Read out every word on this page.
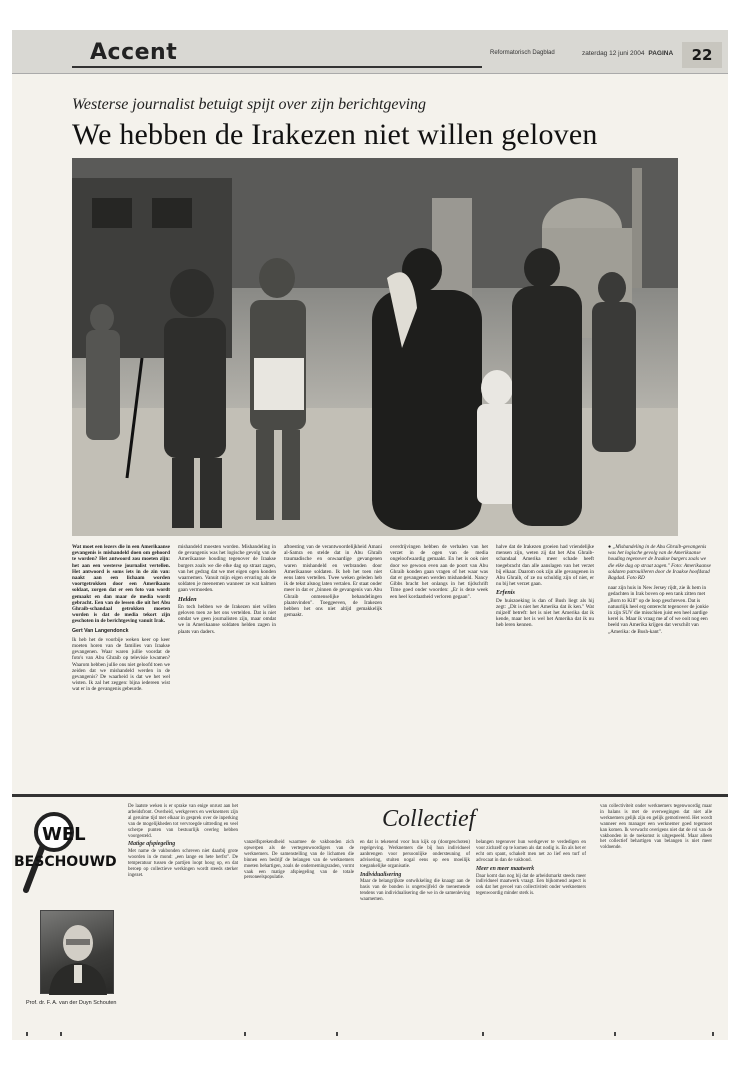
Accent	Reformatorisch Dagblad	zaterdag 12 juni 2004 PAGINA	22
Westerse journalist betuigt spijt over zijn berichtgeving
We hebben de Irakezen niet willen geloven

Wat moet een lezers die in een Amerikaanse gevangenis is mishandeld doen om gehoord te worden? Het antwoord zou moeten zijn: het aan een westerse journalist vertellen. Het antwoord is soms iets in de zin van: naakt aan een lichaam worden voortgetrokken door een Amerikaans soldaat, zorgen dat er een foto van wordt gemaakt en dan maar de media wordt gebracht. Een van de lessen die uit het Abu Ghraib-schandaal getrokken moeten worden is dat de media tekort zijn geschoten in de berichtgeving vanuit Irak.

Gert Van Langendonck

Ik heb het de voorbije weken keer op keer moeten horen van de families van Iraakse gevangenen. Waar waren jullie voordat de foto's van Abu Ghraib op televisie kwamen? Waarom hebben jullie ons niet geloofd toen we zeiden dat we mishandeld werden in de gevangenis? De waarheid is dat we het wel wisten. Ik zal het zeggen: bijna iedereen wist wat er in de gevangenis gebeurde.

mishandeld moesten worden. Mishandeling in de gevangenis was het logische gevolg van de Amerikaanse houding tegenover de Iraakse burgers zoals we die elke dag op straat zagen, van het gedrag dat we met eigen ogen konden waarnemen. Vanuit mijn eigen ervaring als de soldaten je meenemen wanneer ze wat kalmen gaan vermoeden.

Helden

En toch hebben we de Irakezen niet willen geloven toen ze het ons vertelden. Dat is niet omdat we geen journalisten zijn, maar omdat we in Amerikaanse soldaten helden zagen in plaats van daders.

aftoesting van de verantwoordelijkheid Amani al-Samra en stelde dat in Abu Ghraib traumadische en onwaardige gevangenen waren mishandeld en verbranden door Amerikaanse soldaten. Ik heb het toen niet eens laten vertellen. Twee weken geleden heb ik de tekst alsnog laten vertalen. Er staat onder meer in dat er „binnen de gevangenis van Abu Ghraib onmenselijke behandelingen plaatsvinden". Toeggeeven, de Irakezen hebben het ons niet altijd gemakkelijk gemaakt.

overdrijvingen hebben de verbalen van het verzet in de ogen van de media ongeloofwaardig gemaakt. En het is ook niet door we gewoon even aan de poort van Abu Ghraib konden gaan vragen of het waar was dat er gevangenen werden mishandeld. Nancy Gibbs bracht het onlangs in het tijdschrift Time goed onder woorden: „Er is deze week een heel kordaatheid verloren gegaan".

halve dat de Irakezen groeien had vriendelijke mensen zijn, weten zij dat het Abu Ghraib-schandaal Amerika meer schade heeft toegebracht dan alle aanslagen van het verzet bij elkaar. Daarom ook zijn alle gevangenen in Abu Ghraib, of ze nu schuldig zijn of niet, er nu bij het verzet gaan.

Erfenis

De huiszoeking is dan of Bush liegt als hij zegt: „Dit is niet het Amerika dat ik ken." Wat mijzelf betreft: het is niet het Amerika dat ik kende, maar het is wel het Amerika dat ik nu heb leren kennen.

● „Mishandeling in de Abu Ghraib-gevangenis was het logische gevolg van de Amerikaanse houding tegenover de Iraakse burgers zoals we die elke dag op straat zagen." Foto: Amerikaanse soldaten patrouilleren door de Iraakse hoofdstad Bagdad. Foto RD

naar zijn huis in New Jersey rijdt, zie ik hem in gedachten in Irak boven op een tank zitten met „Born to Kill" op de loop geschreven. Dat is natuurlijk heel erg onterecht tegenover de jonkie in zijn SUV die misschien juist een heel aardige kerel is. Maar ik vraag me af of we ooit nog een beeld van Amerika krijgen dat verschilt van „Amerika: de Bush-kant".

WEL
BESCHOUWD
Prof. dr. F. A. van der Duyn Schouten
Collectief

De laatste weken is er sprake van enige onrust aan het arbeidsfront. Overheid, werkgevers en werknemers zijn al geruime tijd met elkaar in gesprek over de inperking van de mogelijkheden tot vervroegde uittreding en veel scherpe punten van bestuurlijk overleg hebben voorgesteld.

Matige afspiegeling

Met name de vakbonden schreven niet daarbij grote woorden in de mond: „een lange en hete herfst". De temperatuur tussen de partijen loopt hoog op, en dat beroep op collectieve werkingen wordt steeds sterker ingezet.

vanzelfsprekendheid waarmee de vakbonden zich opwerpen als de vertegenwoordigers van de werknemers. De samenstelling van de lichamen die binnen een bedrijf de belangen van de werknemers moeten behartigen, zoals de ondernemingsraden, vormt vaak een matige afspiegeling van de totale personeelspopulatie.

en dat is tekenend voor hun kijk op (doorgeschoten) regelgeving. Werknemers die bij hun individueel aanbrengen voor persoonlijke ondersteuning of advisering, stuiten nogal eens op een moeilijk toegankelijke organisatie.

Individualisering

Maar de belangrijkste ontwikkeling die knaagt aan de basis van de bonden is ongetwijfeld de toenemende tendens van individualisering die we in de samenleving waarnemen.

belangen tegenover hun werkgever te verdedigen en voor zichzelf op te komen als dat nodig is. En als het er echt om spant, schakelt men net zo lief een turf of advocaat in dan de vakbond.

Meer en meer maatwerk

Daar komt dan nog bij dat de arbeidsmarkt steeds meer individueel maatwerk vraagt. Een bijkomend aspect is ook dat het gevoel van collectiviteit onder werknemers tegenwoordig minder sterk is.

van collectiviteit onder werknemers tegenwoordig maar in balans is met de overwegingen dat niet alle werknemers gelijk zijn en gelijk gemotiveerd. Het wordt wanneer een manager een werknemer goed tegemoet kan komen. Ik verwacht overigens niet dat de rol van de vakbonden in de toekomst is uitgespeeld. Maar alleen het collectief behartigen van belangen is niet meer voldoende.
